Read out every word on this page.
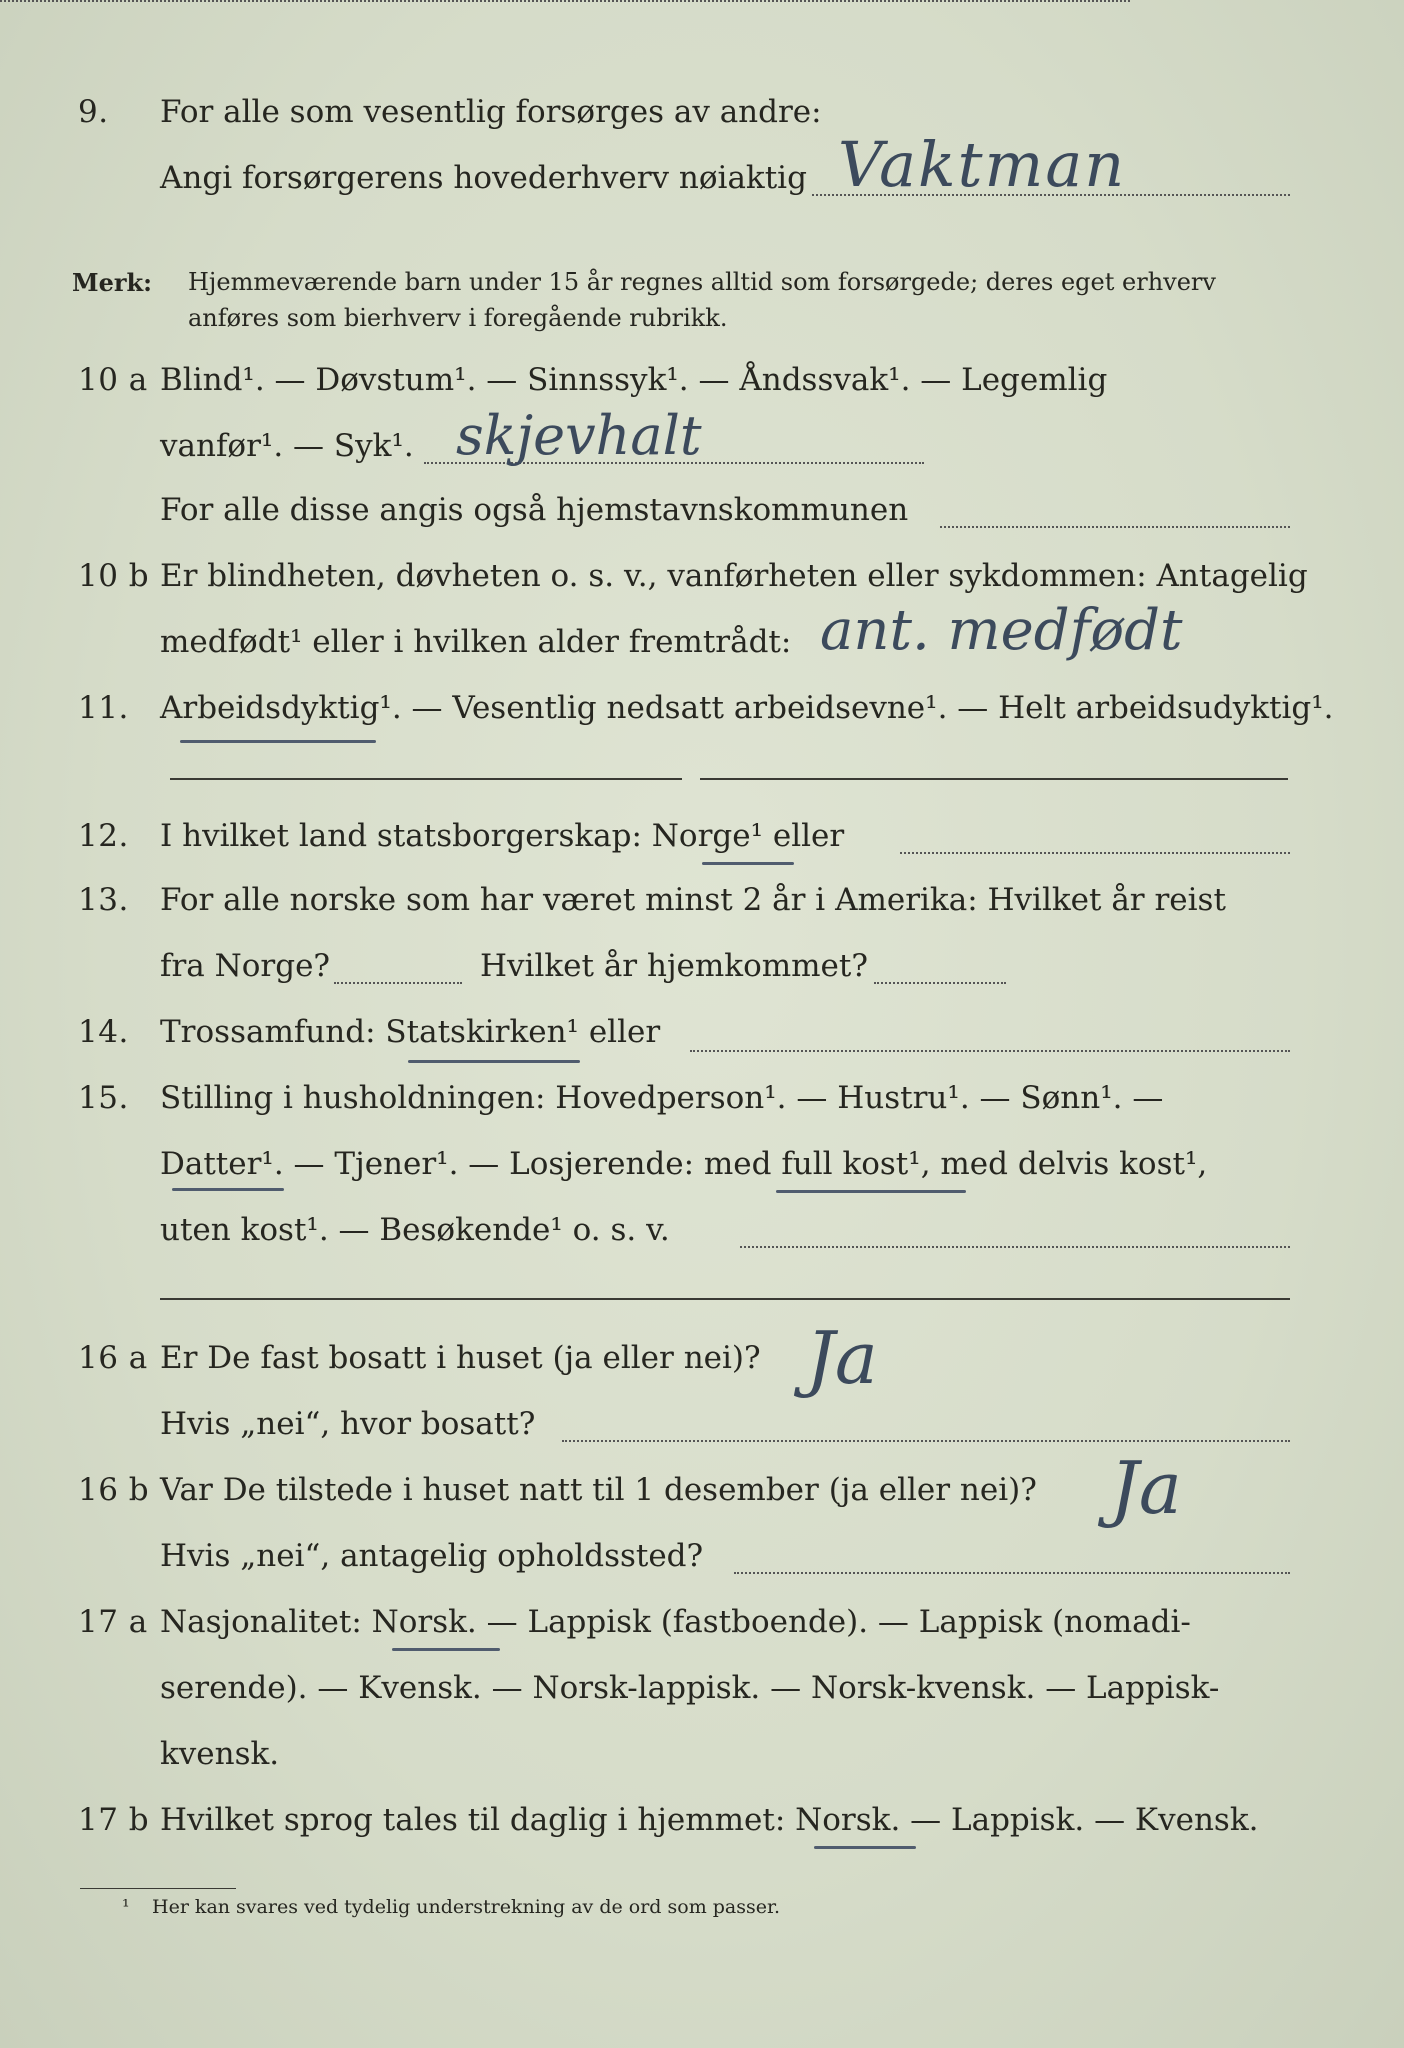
9. For alle som vesentlig forsørges av andre:
Angi forsørgerens hovederhverv nøiaktig Vaktman
Merk: Hjemmeværende barn under 15 år regnes alltid som forsørgede; deres eget erhverv
anføres som bierhverv i foregående rubrikk.
10 a Blind¹. — Døvstum¹. — Sinnssyk¹. — Åndssvak¹. — Legemlig
vanfør¹. — Syk¹. skjevhalt
For alle disse angis også hjemstavnskommunen
10 b Er blindheten, døvheten o. s. v., vanførheten eller sykdommen: Antagelig
medfødt¹ eller i hvilken alder fremtrådt: ant. medfødt
11. Arbeidsdyktig¹. — Vesentlig nedsatt arbeidsevne¹. — Helt arbeidsudyktig¹.
12. I hvilket land statsborgerskap: Norge¹ eller
13. For alle norske som har været minst 2 år i Amerika: Hvilket år reist
fra Norge?	Hvilket år hjemkommet?
14. Trossamfund: Statskirken¹ eller
15. Stilling i husholdningen: Hovedperson¹. — Hustru¹. — Sønn¹. —
Datter¹. — Tjener¹. — Losjerende: med full kost¹, med delvis kost¹,
uten kost¹. — Besøkende¹ o. s. v.
16 a Er De fast bosatt i huset (ja eller nei)? Ja
Hvis „nei“, hvor bosatt?
16 b Var De tilstede i huset natt til 1 desember (ja eller nei)? Ja
Hvis „nei“, antagelig opholdssted?
17 a Nasjonalitet: Norsk. — Lappisk (fastboende). — Lappisk (nomadi-
serende). — Kvensk. — Norsk-lappisk. — Norsk-kvensk. — Lappisk-
kvensk.
17 b Hvilket sprog tales til daglig i hjemmet: Norsk. — Lappisk. — Kvensk.
¹ Her kan svares ved tydelig understrekning av de ord som passer.
